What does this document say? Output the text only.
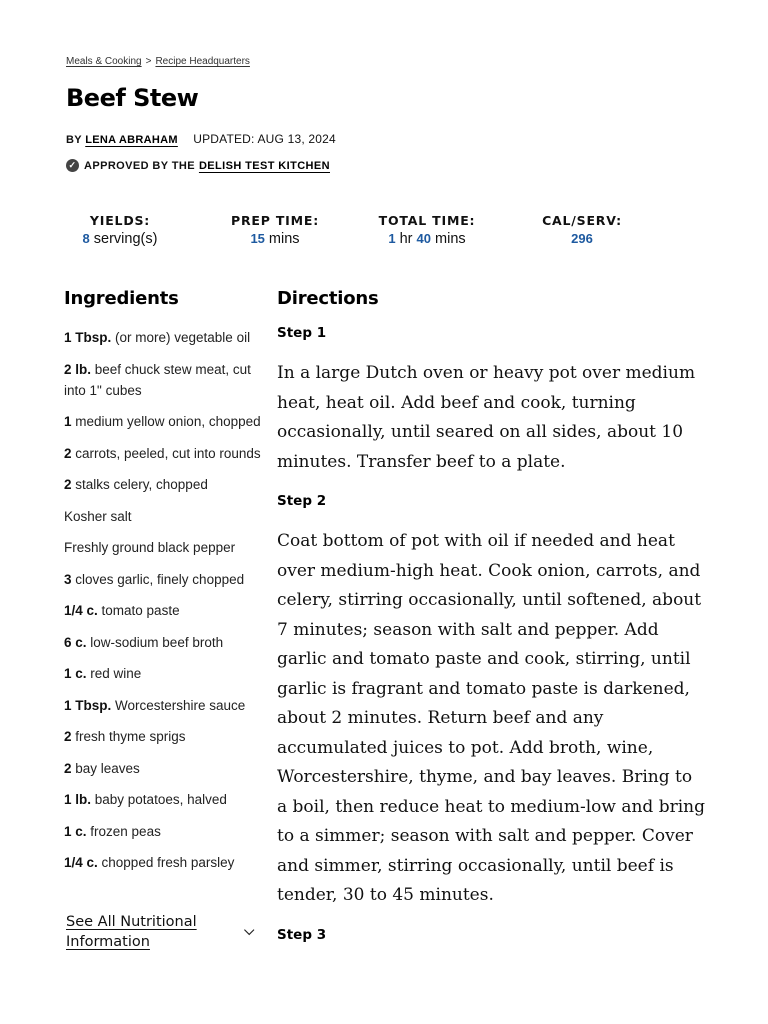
Meals & Cooking > Recipe Headquarters
Beef Stew
BY LENA ABRAHAM UPDATED: AUG 13, 2024
✓ APPROVED BY THE DELISH TEST KITCHEN
YIELDS:
8 serving(s)
PREP TIME:
15 mins
TOTAL TIME:
1 hr 40 mins
CAL/SERV:
296
Ingredients
1 Tbsp. (or more) vegetable oil
2 lb. beef chuck stew meat, cut into 1" cubes
1 medium yellow onion, chopped
2 carrots, peeled, cut into rounds
2 stalks celery, chopped
Kosher salt
Freshly ground black pepper
3 cloves garlic, finely chopped
1/4 c. tomato paste
6 c. low-sodium beef broth
1 c. red wine
1 Tbsp. Worcestershire sauce
2 fresh thyme sprigs
2 bay leaves
1 lb. baby potatoes, halved
1 c. frozen peas
1/4 c. chopped fresh parsley
See All Nutritional Information
Directions
Step 1

In a large Dutch oven or heavy pot over medium heat, heat oil. Add beef and cook, turning occasionally, until seared on all sides, about 10 minutes. Transfer beef to a plate.

Step 2

Coat bottom of pot with oil if needed and heat over medium-high heat. Cook onion, carrots, and celery, stirring occasionally, until softened, about 7 minutes; season with salt and pepper. Add garlic and tomato paste and cook, stirring, until garlic is fragrant and tomato paste is darkened, about 2 minutes. Return beef and any accumulated juices to pot. Add broth, wine, Worcestershire, thyme, and bay leaves. Bring to a boil, then reduce heat to medium-low and bring to a simmer; season with salt and pepper. Cover and simmer, stirring occasionally, until beef is tender, 30 to 45 minutes.

Step 3
